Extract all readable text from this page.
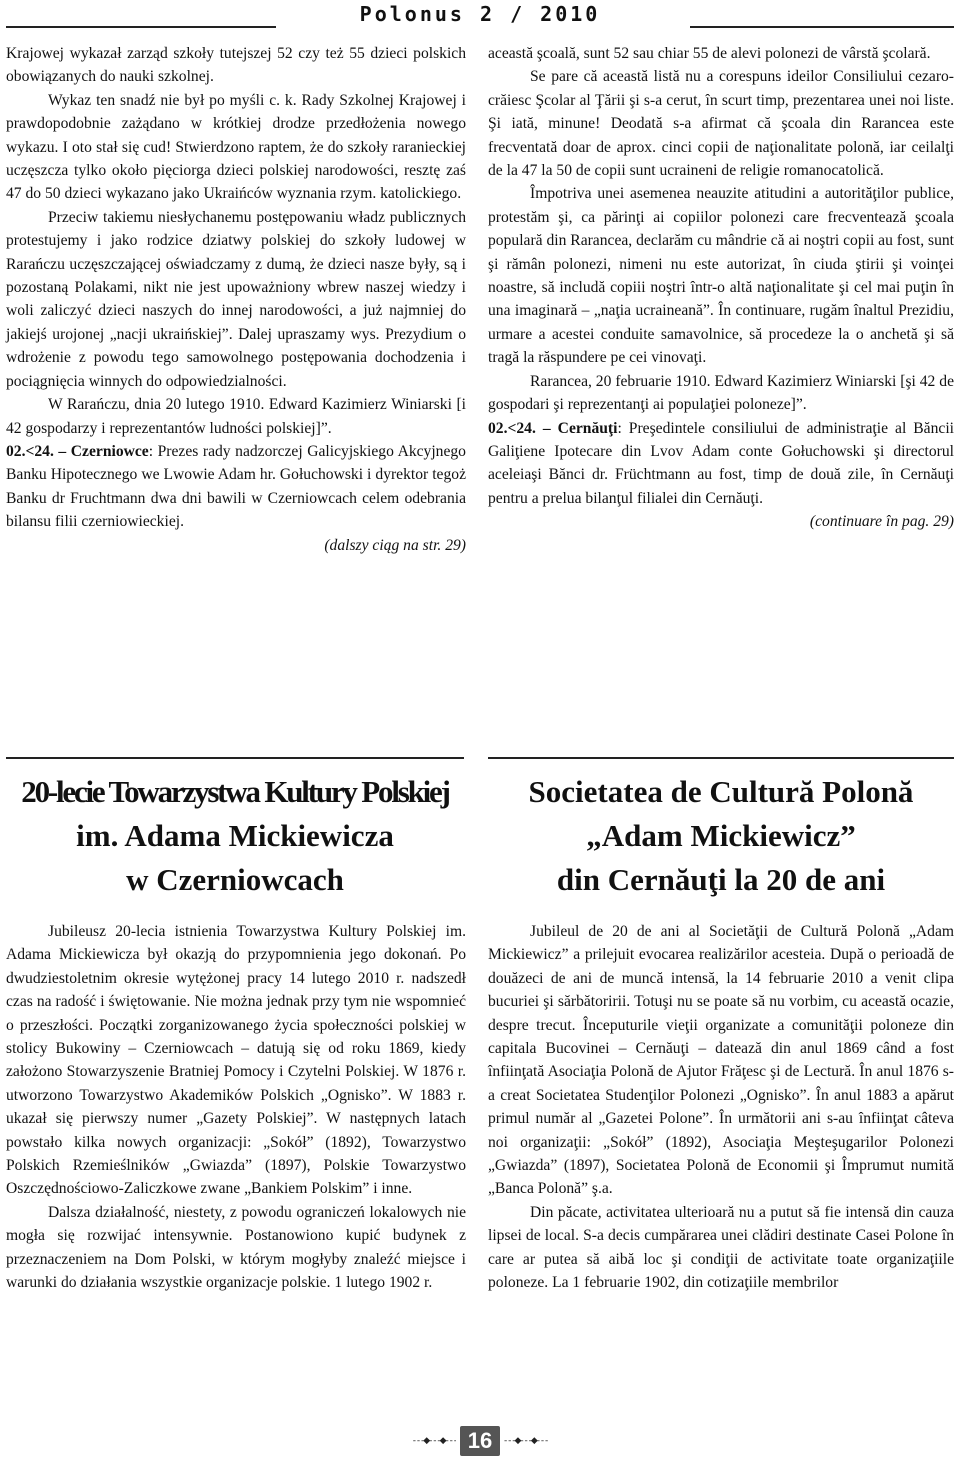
Polonus 2 / 2010

Krajowej wykazał zarząd szkoły tutejszej 52 czy też 55 dzieci polskich obowiązanych do nauki szkolnej.

Wykaz ten snadź nie był po myśli c. k. Rady Szkolnej Krajowej i prawdopodobnie zażądano w krótkiej drodze przedłożenia nowego wykazu. I oto stał się cud! Stwierdzono raptem, że do szkoły raranieckiej uczęszcza tylko około pięciorga dzieci polskiej narodowości, resztę zaś 47 do 50 dzieci wykazano jako Ukraińców wyznania rzym. katolickiego.

Przeciw takiemu niesłychanemu postępowaniu władz publicznych protestujemy i jako rodzice dziatwy polskiej do szkoły ludowej w Rarańczu uczęszczającej oświadczamy z dumą, że dzieci nasze były, są i pozostaną Polakami, nikt nie jest upoważniony wbrew naszej wiedzy i woli zaliczyć dzieci naszych do innej narodowości, a już najmniej do jakiejś urojonej „nacji ukraińskiej”. Dalej upraszamy wys. Prezydium o wdrożenie z powodu tego samowolnego postępowania dochodzenia i pociągnięcia winnych do odpowiedzialności.

W Rarańczu, dnia 20 lutego 1910. Edward Kazimierz Winiarski [i 42 gospodarzy i reprezentantów ludności polskiej]”.

02.<24. – Czerniowce: Prezes rady nadzorczej Galicyjskiego Akcyjnego Banku Hipotecznego we Lwowie Adam hr. Gołuchowski i dyrektor tegoż Banku dr Fruchtmann dwa dni bawili w Czerniowcach celem odebrania bilansu filii czerniowieckiej.

(dalszy ciąg na str. 29)

această şcoală, sunt 52 sau chiar 55 de alevi polonezi de vârstă şcolară.

Se pare că această listă nu a corespuns ideilor Consiliului cezaro-crăiesc Şcolar al Ţării şi s-a cerut, în scurt timp, prezentarea unei noi liste. Şi iată, minune! Deodată s-a afirmat că şcoala din Rarancea este frecventată doar de aprox. cinci copii de naţionalitate polonă, iar ceilalţi de la 47 la 50 de copii sunt ucraineni de religie romanocatolică.

Împotriva unei asemenea neauzite atitudini a autorităţilor publice, protestăm şi, ca părinţi ai copiilor polonezi care frecventează şcoala populară din Rarancea, declarăm cu mândrie că ai noştri copii au fost, sunt şi rămân polonezi, nimeni nu este autorizat, în ciuda ştirii şi voinţei noastre, să includă copiii noştri într-o altă naţionalitate şi cel mai puţin în una imaginară – „naţia ucraineană”. În continuare, rugăm înaltul Prezidiu, urmare a acestei conduite samavolnice, să procedeze la o anchetă şi să tragă la răspundere pe cei vinovaţi.

Rarancea, 20 februarie 1910. Edward Kazimierz Winiarski [şi 42 de gospodari şi reprezentanţi ai populaţiei poloneze]”.

02.<24. – Cernăuţi: Preşedintele consiliului de administraţie al Băncii Galiţiene Ipotecare din Lvov Adam conte Gołuchowski şi directorul aceleiaşi Bănci dr. Früchtmann au fost, timp de două zile, în Cernăuţi pentru a prelua bilanţul filialei din Cernăuţi.

(continuare în pag. 29)

20-lecie Towarzystwa Kultury Polskiej
im. Adama Mickiewicza
w Czerniowcach
Societatea de Cultură Polonă
„Adam Mickiewicz”
din Cernăuţi la 20 de ani

Jubileusz 20-lecia istnienia Towarzystwa Kultury Polskiej im. Adama Mickiewicza był okazją do przypomnienia jego dokonań. Po dwudziestoletnim okresie wytężonej pracy 14 lutego 2010 r. nadszedł czas na radość i świętowanie. Nie można jednak przy tym nie wspomnieć o przeszłości. Początki zorganizowanego życia społeczności polskiej w stolicy Bukowiny – Czerniowcach – datują się od roku 1869, kiedy założono Stowarzyszenie Bratniej Pomocy i Czytelni Polskiej. W 1876 r. utworzono Towarzystwo Akademików Polskich „Ognisko”. W 1883 r. ukazał się pierwszy numer „Gazety Polskiej”. W następnych latach powstało kilka nowych organizacji: „Sokół” (1892), Towarzystwo Polskich Rzemieślników „Gwiazda” (1897), Polskie Towarzystwo Oszczędnościowo-Zaliczkowe zwane „Bankiem Polskim” i inne.

Dalsza działalność, niestety, z powodu ograniczeń lokalowych nie mogła się rozwijać intensywnie. Postanowiono kupić budynek z przeznaczeniem na Dom Polski, w którym mogłyby znaleźć miejsce i warunki do działania wszystkie organizacje polskie. 1 lutego 1902 r.

Jubileul de 20 de ani al Societăţii de Cultură Polonă „Adam Mickiewicz” a prilejuit evocarea realizărilor acesteia. După o perioadă de douăzeci de ani de muncă intensă, la 14 februarie 2010 a venit clipa bucuriei şi sărbătoririi. Totuşi nu se poate să nu vorbim, cu această ocazie, despre trecut. Începuturile vieţii organizate a comunităţii poloneze din capitala Bucovinei – Cernăuţi – datează din anul 1869 când a fost înfiinţată Asociaţia Polonă de Ajutor Frăţesc şi de Lectură. În anul 1876 s-a creat Societatea Studenţilor Polonezi „Ognisko”. În anul 1883 a apărut primul număr al „Gazetei Polone”. În următorii ani s-au înfiinţat câteva noi organizaţii: „Sokół” (1892), Asociaţia Meşteşugarilor Polonezi „Gwiazda” (1897), Societatea Polonă de Economii şi Împrumut numită „Banca Polonă” ş.a.

Din păcate, activitatea ulterioară nu a putut să fie intensă din cauza lipsei de local. S-a decis cumpărarea unei clădiri destinate Casei Polone în care ar putea să aibă loc şi condiţii de activitate toate organizaţiile poloneze. La 1 februarie 1902, din cotizaţiile membrilor

- - -◆- - -◆- - - 16	- - -◆- - -◆- - -
